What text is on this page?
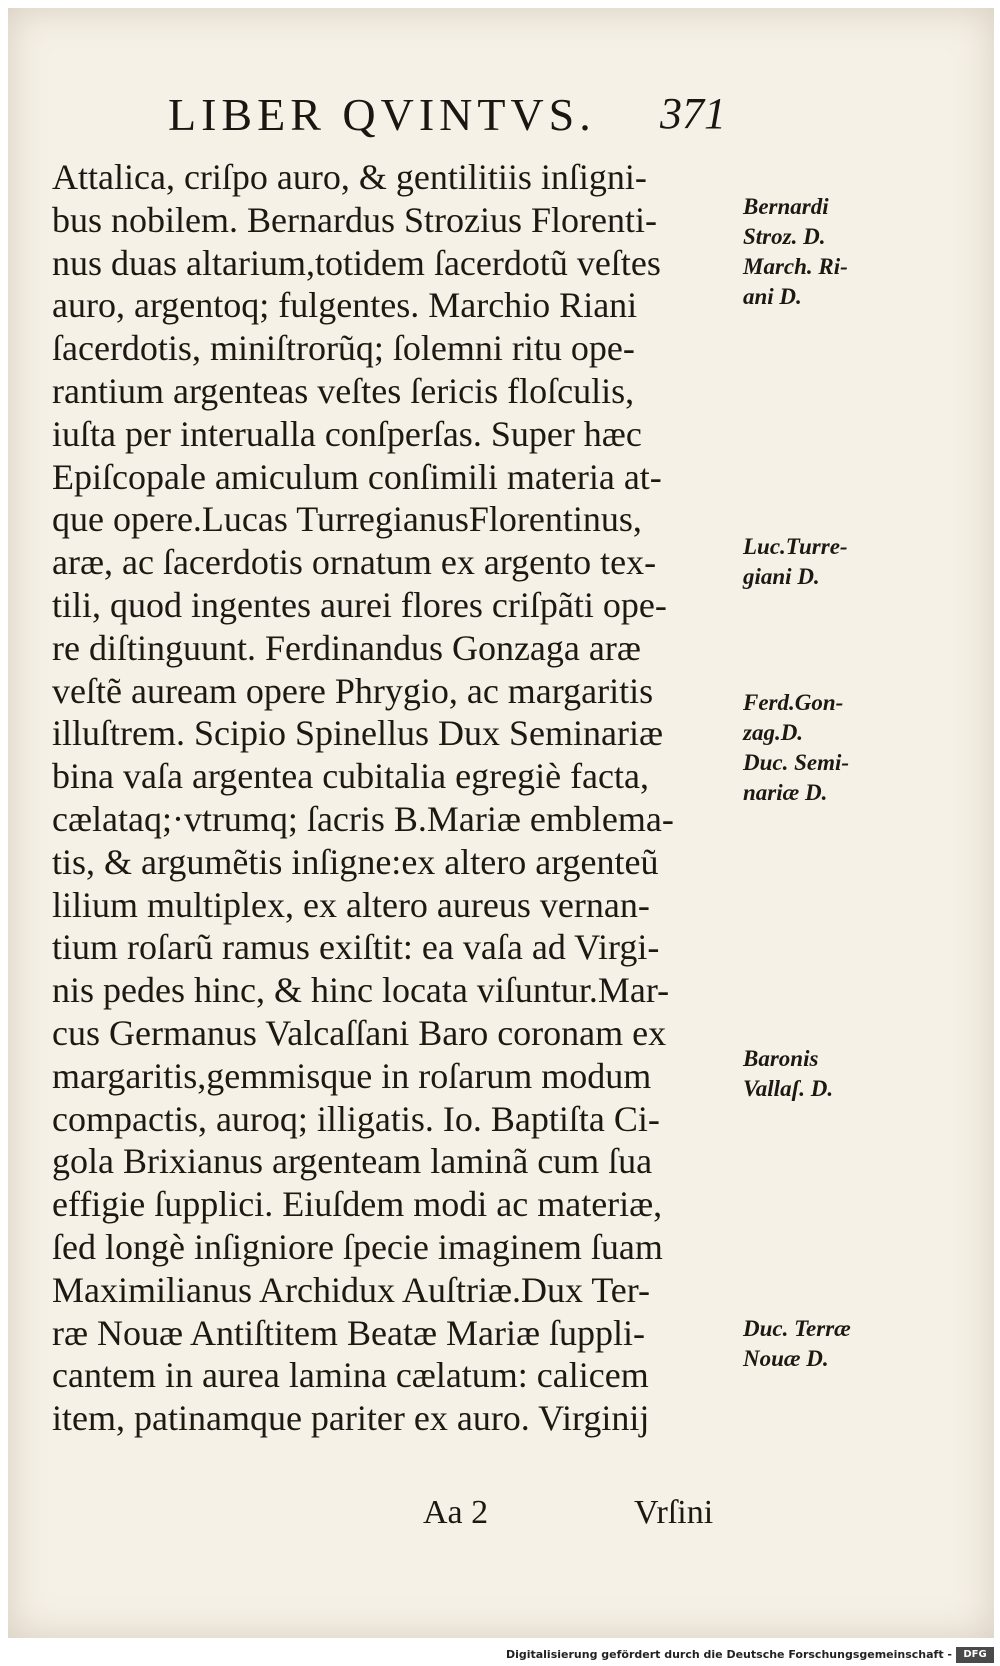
LIBER QVINTVS. 371
Attalica, criſpo auro, & gentilitiis inſigni-
bus nobilem. Bernardus Strozius Florenti-
nus duas altarium,totidem ſacerdotũ veſtes
auro, argentoq; fulgentes. Marchio Riani
ſacerdotis, miniſtrorũq; ſolemni ritu ope-
rantium argenteas veſtes ſericis floſculis,
iuſta per interualla conſperſas. Super hæc
Epiſcopale amiculum conſimili materia at-
que opere.Lucas TurregianusFlorentinus,
aræ, ac ſacerdotis ornatum ex argento tex-
tili, quod ingentes aurei flores criſpãti ope-
re diſtinguunt. Ferdinandus Gonzaga aræ
veſtẽ auream opere Phrygio, ac margaritis
illuſtrem. Scipio Spinellus Dux Seminariæ
bina vaſa argentea cubitalia egregiè facta,
cælataq;·vtrumq; ſacris B.Mariæ emblema-
tis, & argumẽtis inſigne:ex altero argenteũ
lilium multiplex, ex altero aureus vernan-
tium roſarũ ramus exiſtit: ea vaſa ad Virgi-
nis pedes hinc, & hinc locata viſuntur.Mar-
cus Germanus Valcaſſani Baro coronam ex
margaritis,gemmisque in roſarum modum
compactis, auroq; illigatis. Io. Baptiſta Ci-
gola Brixianus argenteam laminã cum ſua
effigie ſupplici. Eiuſdem modi ac materiæ,
ſed longè inſigniore ſpecie imaginem ſuam
Maximilianus Archidux Auſtriæ.Dux Ter-
ræ Nouæ Antiſtitem Beatæ Mariæ ſuppli-
cantem in aurea lamina cælatum: calicem
item, patinamque pariter ex auro. Virginij
Bernardi
Stroz. D.
March. Ri-
ani D.
Luc.Turre-
giani D.
Ferd.Gon-
zag.D.
Duc. Semi-
nariæ D.
Baronis
Vallaſ. D.
Duc. Terræ
Nouæ D.
Aa 2	Vrſini
Digitalisierung gefördert durch die Deutsche Forschungsgemeinschaft -	DFG
